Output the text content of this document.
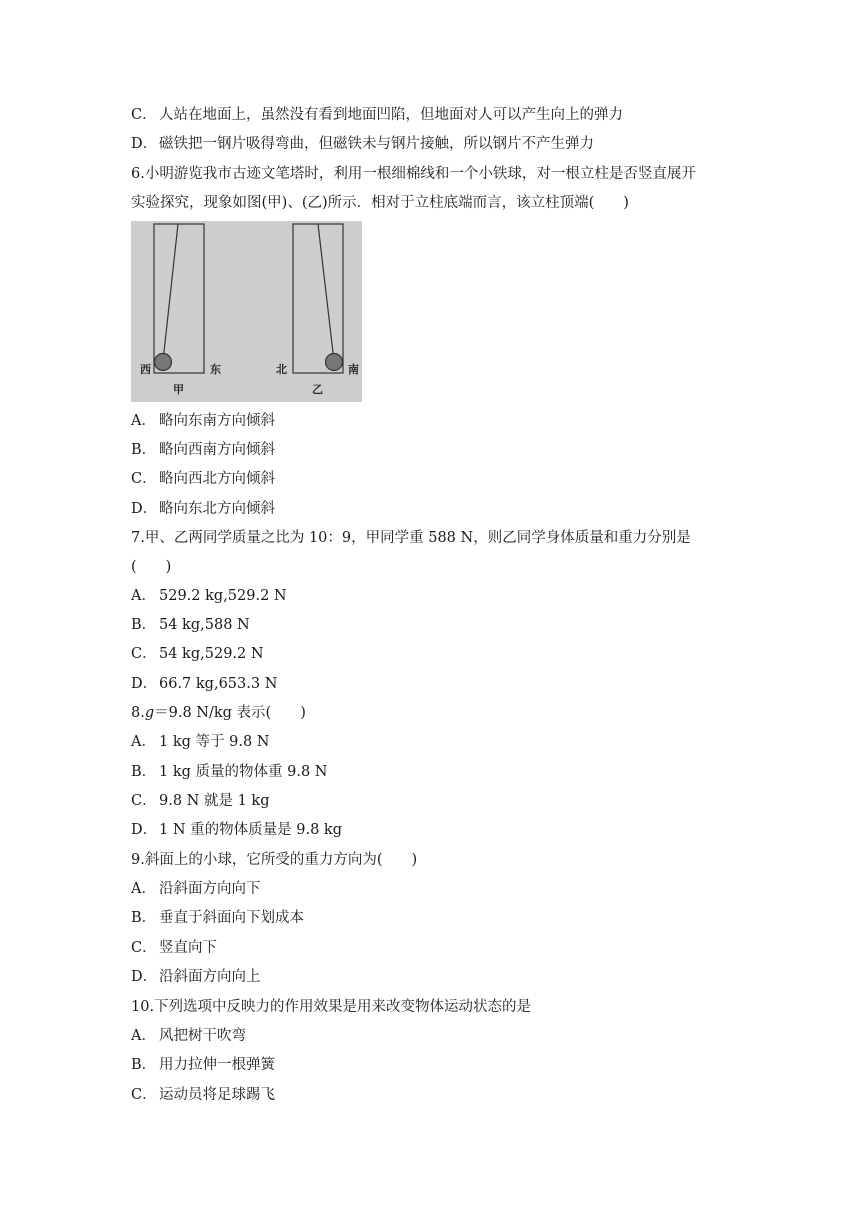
C． 人站在地面上，虽然没有看到地面凹陷，但地面对人可以产生向上的弹力
D． 磁铁把一钢片吸得弯曲，但磁铁未与钢片接触，所以钢片不产生弹力
6.小明游览我市古迹文笔塔时，利用一根细棉线和一个小铁球，对一根立柱是否竖直展开
实验探究，现象如图(甲)、(乙)所示．相对于立柱底端而言，该立柱顶端(　　)
西	东
甲
北	南
乙
A． 略向东南方向倾斜
B． 略向西南方向倾斜
C． 略向西北方向倾斜
D． 略向东北方向倾斜
7.甲、乙两同学质量之比为 10：9，甲同学重 588 N，则乙同学身体质量和重力分别是
(　　)
A． 529.2 kg,529.2 N
B． 54 kg,588 N
C． 54 kg,529.2 N
D． 66.7 kg,653.3 N
8.g＝9.8 N/kg 表示(　　)
A． 1 kg 等于 9.8 N
B． 1 kg 质量的物体重 9.8 N
C． 9.8 N 就是 1 kg
D． 1 N 重的物体质量是 9.8 kg
9.斜面上的小球，它所受的重力方向为(　　)
A． 沿斜面方向向下
B． 垂直于斜面向下划成本
C． 竖直向下
D． 沿斜面方向向上
10.下列选项中反映力的作用效果是用来改变物体运动状态的是
A． 风把树干吹弯
B． 用力拉伸一根弹簧
C． 运动员将足球踢飞
